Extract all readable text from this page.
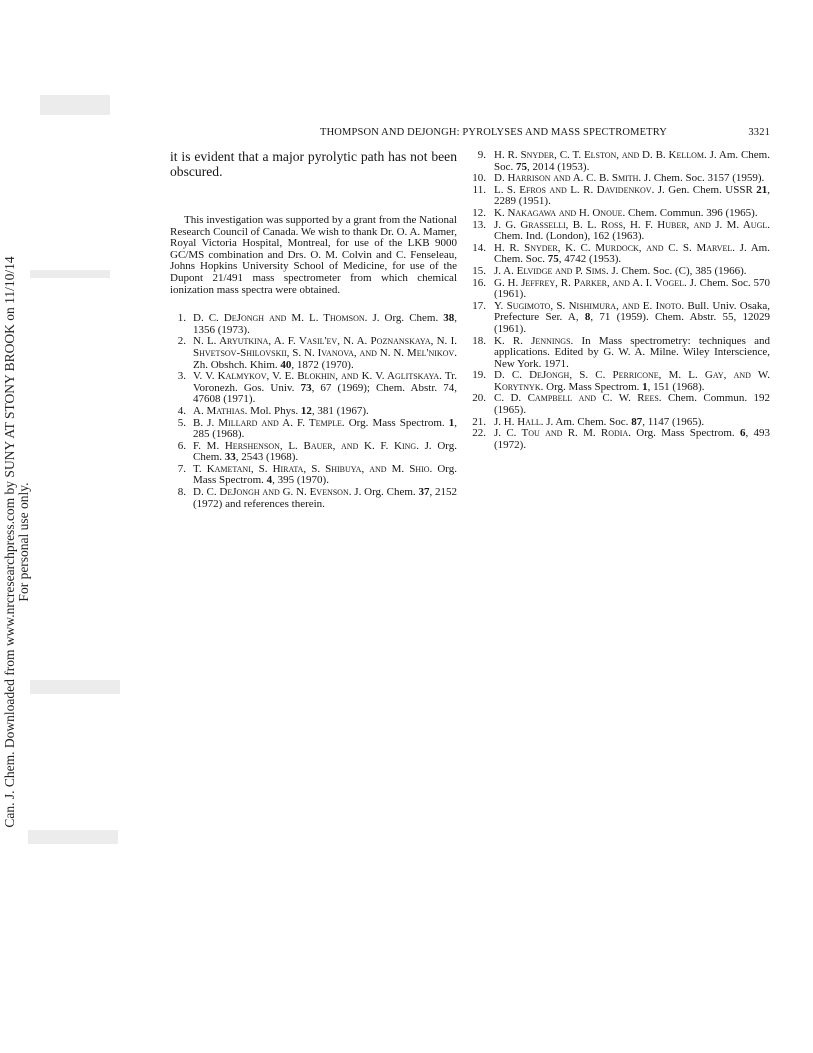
THOMPSON AND DEJONGH: PYROLYSES AND MASS SPECTROMETRY	3321
Can. J. Chem. Downloaded from www.nrcresearchpress.com by SUNY AT STONY BROOK on 11/10/14 For personal use only.

it is evident that a major pyrolytic path has not been obscured.

This investigation was supported by a grant from the National Research Council of Canada. We wish to thank Dr. O. A. Mamer, Royal Victoria Hospital, Montreal, for use of the LKB 9000 GC/MS combination and Drs. O. M. Colvin and C. Fenseleau, Johns Hopkins University School of Medicine, for use of the Dupont 21/491 mass spectrometer from which chemical ionization mass spectra were obtained.

1. D. C. DeJongh and M. L. Thomson. J. Org. Chem. 38, 1356 (1973).
2. N. L. Aryutkina, A. F. Vasil'ev, N. A. Poznanskaya, N. I. Shvetsov-Shilovskii, S. N. Ivanova, and N. N. Mel'nikov. Zh. Obshch. Khim. 40, 1872 (1970).
3. V. V. Kalmykov, V. E. Blokhin, and K. V. Aglitskaya. Tr. Voronezh. Gos. Univ. 73, 67 (1969); Chem. Abstr. 74, 47608 (1971).
4. A. Mathias. Mol. Phys. 12, 381 (1967).
5. B. J. Millard and A. F. Temple. Org. Mass Spectrom. 1, 285 (1968).
6. F. M. Hershenson, L. Bauer, and K. F. King. J. Org. Chem. 33, 2543 (1968).
7. T. Kametani, S. Hirata, S. Shibuya, and M. Shio. Org. Mass Spectrom. 4, 395 (1970).
8. D. C. DeJongh and G. N. Evenson. J. Org. Chem. 37, 2152 (1972) and references therein.
9. H. R. Snyder, C. T. Elston, and D. B. Kellom. J. Am. Chem. Soc. 75, 2014 (1953).
10. D. Harrison and A. C. B. Smith. J. Chem. Soc. 3157 (1959).
11. L. S. Efros and L. R. Davidenkov. J. Gen. Chem. USSR 21, 2289 (1951).
12. K. Nakagawa and H. Onoue. Chem. Commun. 396 (1965).
13. J. G. Grasselli, B. L. Ross, H. F. Huber, and J. M. Augl. Chem. Ind. (London), 162 (1963).
14. H. R. Snyder, K. C. Murdock, and C. S. Marvel. J. Am. Chem. Soc. 75, 4742 (1953).
15. J. A. Elvidge and P. Sims. J. Chem. Soc. (C), 385 (1966).
16. G. H. Jeffrey, R. Parker, and A. I. Vogel. J. Chem. Soc. 570 (1961).
17. Y. Sugimoto, S. Nishimura, and E. Inoto. Bull. Univ. Osaka, Prefecture Ser. A, 8, 71 (1959). Chem. Abstr. 55, 12029 (1961).
18. K. R. Jennings. In Mass spectrometry: techniques and applications. Edited by G. W. A. Milne. Wiley Interscience, New York. 1971.
19. D. C. DeJongh, S. C. Perricone, M. L. Gay, and W. Korytnyk. Org. Mass Spectrom. 1, 151 (1968).
20. C. D. Campbell and C. W. Rees. Chem. Commun. 192 (1965).
21. J. H. Hall. J. Am. Chem. Soc. 87, 1147 (1965).
22. J. C. Tou and R. M. Rodia. Org. Mass Spectrom. 6, 493 (1972).
